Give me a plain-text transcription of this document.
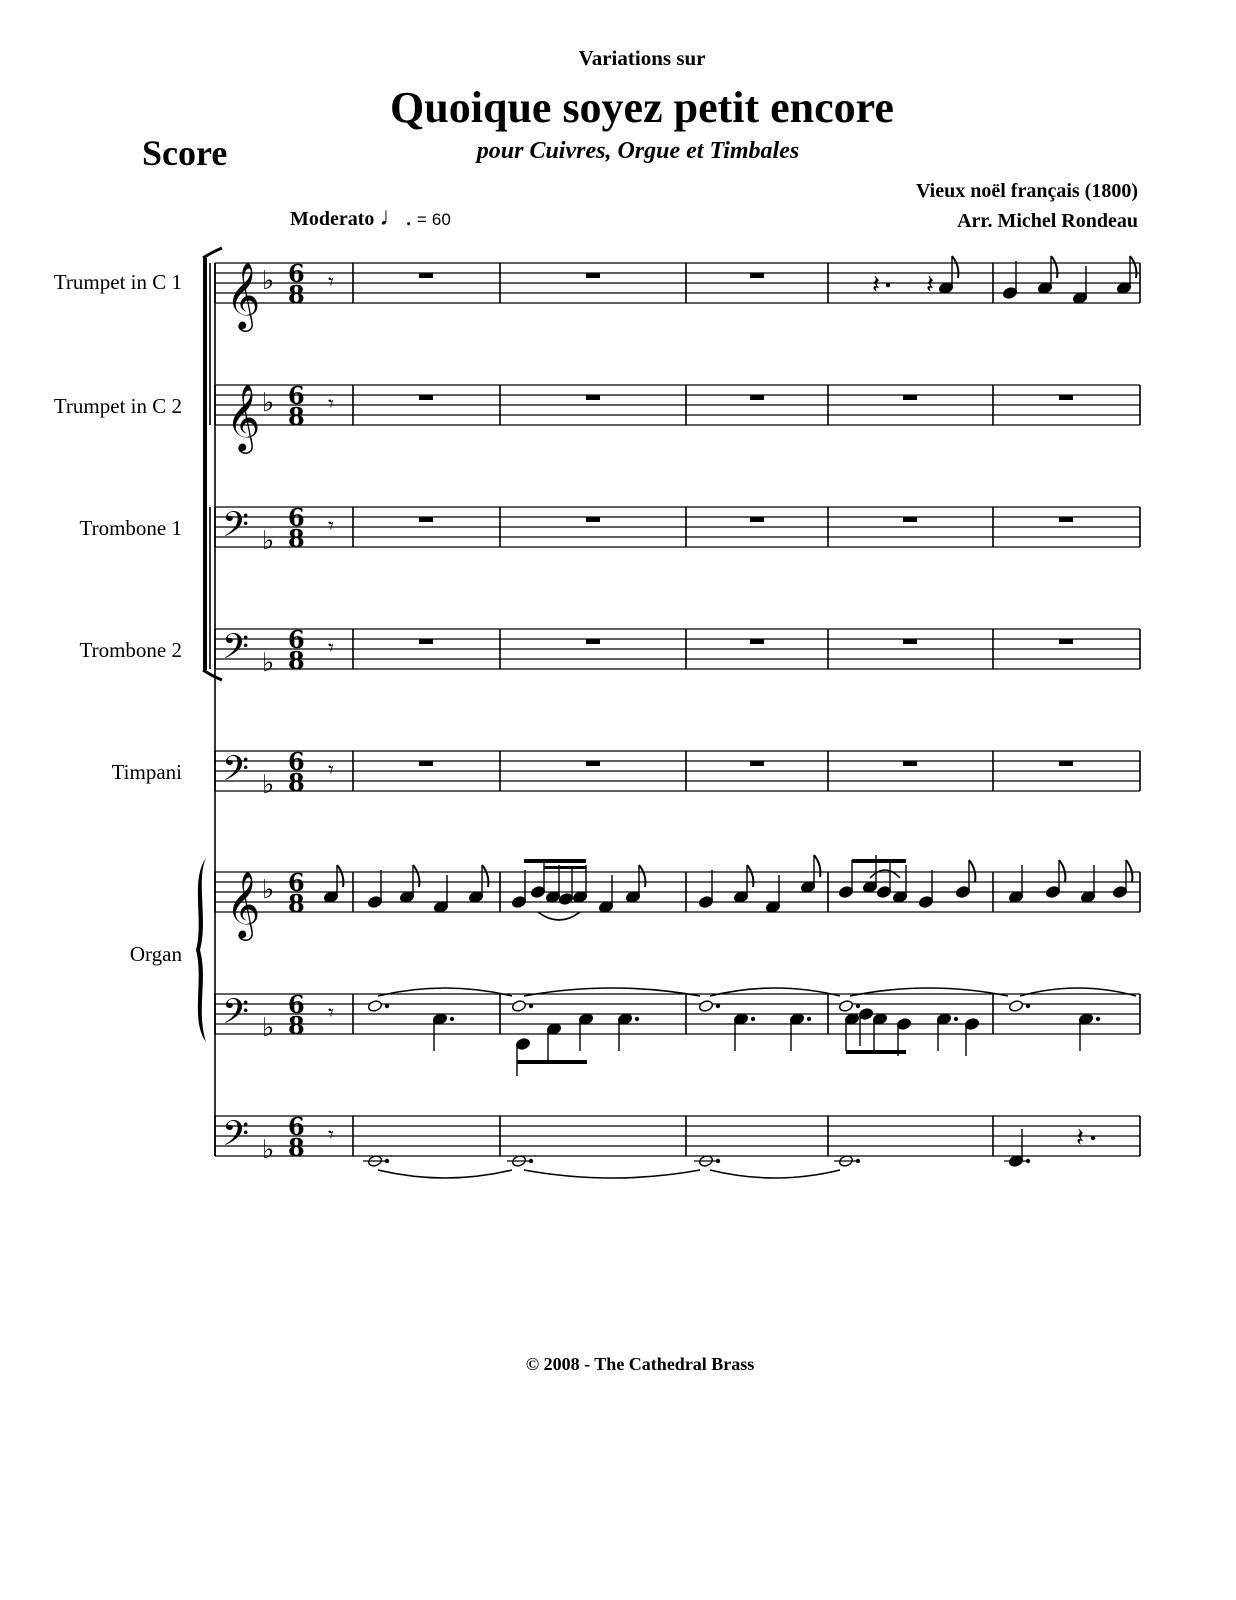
Variations sur
Quoique soyez petit encore
Score	pour Cuivres, Orgue et Timbales
Vieux noël français (1800)
Arr. Michel Rondeau
Moderato ♩. = 60
Trumpet in C 1
Trumpet in C 2
Trombone 1
Trombone 2
Timpani
Organ
𝄞 ♭ 6
8
𝄞 ♭ 6
8
𝄢 ♭
6
8
𝄢 ♭
6
8
𝄢 ♭
6
8
𝄞 ♭ 6
8
𝄢 ♭
6
8
𝄢 ♭
6
8
𝄾
𝄾
𝄾
𝄾
𝄾
𝄾
𝄾
𝄽 𝄽
𝄽
© 2008 - The Cathedral Brass
